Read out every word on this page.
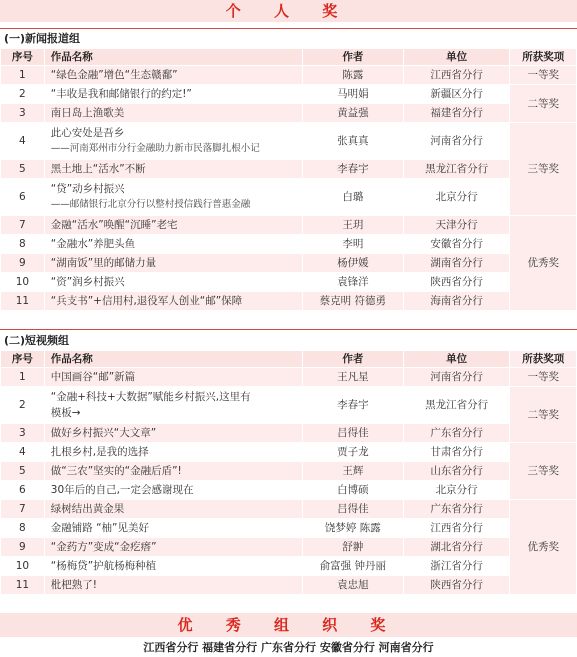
个 人 奖
(一)新闻报道组
序号	作品名称	作者	单位	所获奖项
1	“绿色金融”增色“生态赣鄱”	陈露	江西省分行	一等奖
2	“丰收是我和邮储银行的约定!”	马明娟	新疆区分行	二等奖
3	南日岛上渔歌美	黄益强	福建省分行	
4	此心安处是吾乡
——河南郑州市分行金融助力新市民落脚扎根小记	张真真	河南省分行	三等奖
5	黑土地上“活水”不断	李春宇	黑龙江省分行	
6	“贷”动乡村振兴
——邮储银行北京分行以整村授信践行普惠金融	白璐	北京分行	
7	金融“活水”唤醒“沉睡”老宅	王玥	天津分行	优秀奖
8	“金融水”养肥头鱼	李明	安徽省分行	
9	“湖南饭”里的邮储力量	杨伊媛	湖南省分行	
10	“资”润乡村振兴	袁锋洋	陕西省分行	
11	“兵支书”+信用村,退役军人创业“邮”保障	蔡克明 符德勇	海南省分行	
(二)短视频组
序号	作品名称	作者	单位	所获奖项
1	中国画谷“邮”新篇	王凡星	河南省分行	一等奖
2	“金融+科技+大数据”赋能乡村振兴,这里有
模板→	李春宇	黑龙江省分行	二等奖
3	做好乡村振兴“大文章”	吕得佳	广东省分行	
4	扎根乡村,是我的选择	贾子龙	甘肃省分行	三等奖
5	做“三农”坚实的“金融后盾”!	王辉	山东省分行	
6	30年后的自己,一定会感谢现在	白博硕	北京分行	
7	绿树结出黄金果	吕得佳	广东省分行	优秀奖
8	金融铺路 “柚”见美好	饶梦婷 陈露	江西省分行	
9	“金药方”变成“金疙瘩”	舒翀	湖北省分行	
10	“杨梅贷”护航杨梅种植	俞富强 钟丹丽	浙江省分行	
11	枇杷熟了!	袁忠旭	陕西省分行	
优 秀 组 织 奖
江西省分行 福建省分行 广东省分行 安徽省分行 河南省分行
